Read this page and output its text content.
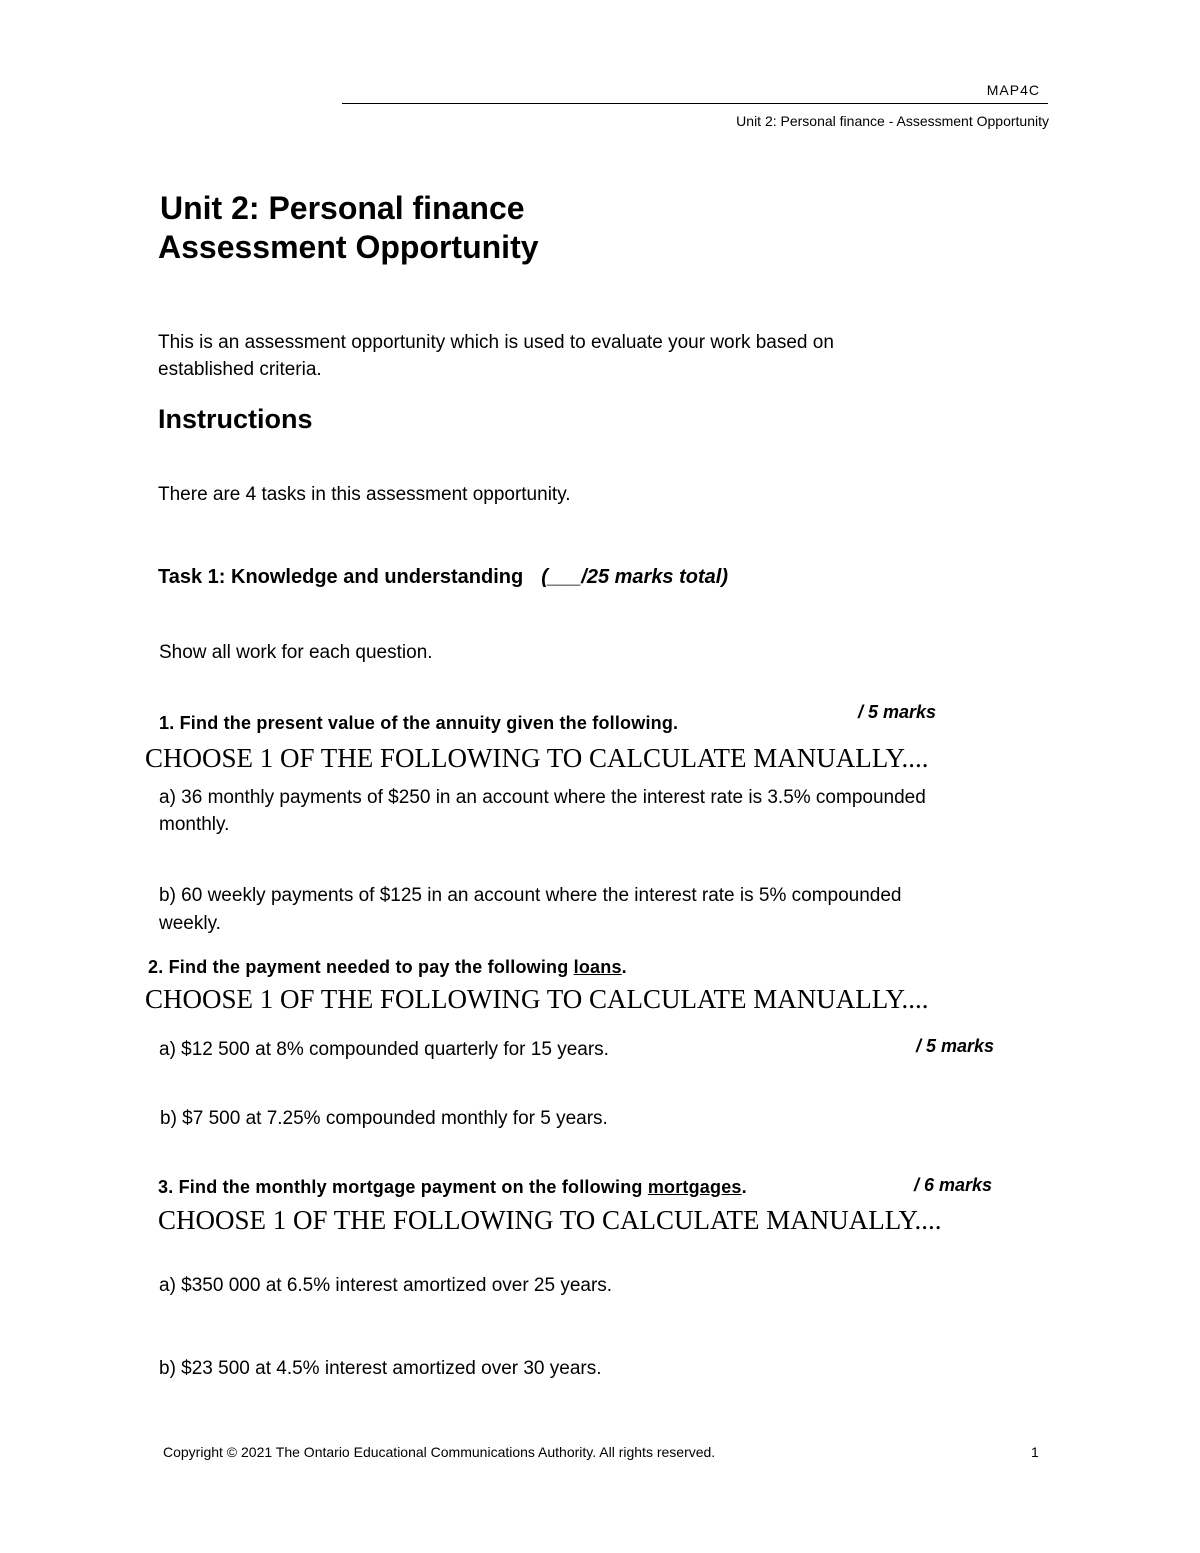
MAP4C
Unit 2: Personal finance - Assessment Opportunity
Unit 2: Personal finance
Assessment Opportunity
This is an assessment opportunity which is used to evaluate your work based on
established criteria.
Instructions
There are 4 tasks in this assessment opportunity.
Task 1: Knowledge and understanding (___/25 marks total)
Show all work for each question.
1. Find the present value of the annuity given the following.
/ 5 marks
CHOOSE 1 OF THE FOLLOWING TO CALCULATE MANUALLY....
a) 36 monthly payments of $250 in an account where the interest rate is 3.5% compounded
monthly.
b) 60 weekly payments of $125 in an account where the interest rate is 5% compounded
weekly.
2. Find the payment needed to pay the following loans.
CHOOSE 1 OF THE FOLLOWING TO CALCULATE MANUALLY....
a) $12 500 at 8% compounded quarterly for 15 years.	/ 5 marks
b) $7 500 at 7.25% compounded monthly for 5 years.
3. Find the monthly mortgage payment on the following mortgages.	/ 6 marks
CHOOSE 1 OF THE FOLLOWING TO CALCULATE MANUALLY....
a) $350 000 at 6.5% interest amortized over 25 years.
b) $23 500 at 4.5% interest amortized over 30 years.
Copyright © 2021 The Ontario Educational Communications Authority. All rights reserved.	1
